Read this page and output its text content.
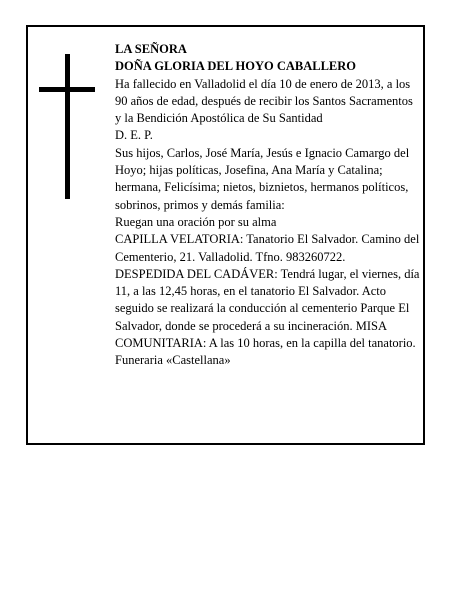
LA SEÑORA

DOÑA GLORIA DEL HOYO CABALLERO

Ha fallecido en Valladolid el día 10 de enero de 2013, a los 90 años de edad, después de recibir los Santos Sacramentos y la Bendición Apostólica de Su Santidad

D. E. P.

Sus hijos, Carlos, José María, Jesús e Ignacio Camargo del Hoyo; hijas políticas, Josefina, Ana María y Catalina; hermana, Felicísima; nietos, biznietos, hermanos políticos, sobrinos, primos y demás familia:

Ruegan una oración por su alma

CAPILLA VELATORIA: Tanatorio El Salvador. Camino del Cementerio, 21. Valladolid. Tfno. 983260722.

DESPEDIDA DEL CADÁVER: Tendrá lugar, el viernes, día 11, a las 12,45 horas, en el tanatorio El Salvador. Acto seguido se realizará la conducción al cementerio Parque El Salvador, donde se procederá a su incineración. MISA COMUNITARIA: A las 10 horas, en la capilla del tanatorio.

Funeraria «Castellana»
